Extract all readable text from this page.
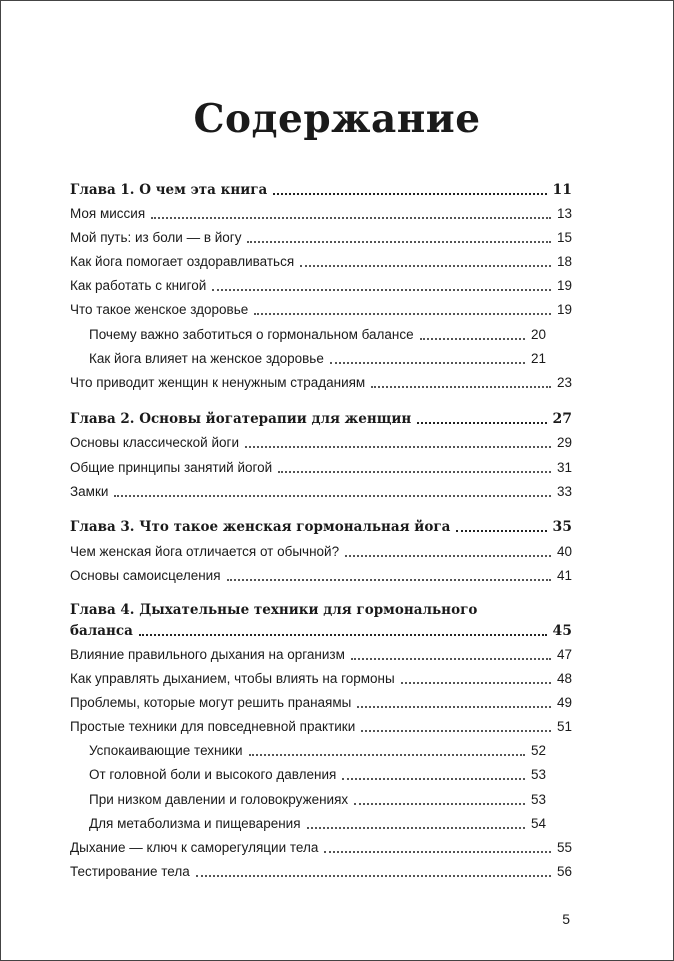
Содержание
Глава 1. О чем эта книга	11
Моя миссия	13
Мой путь: из боли — в йогу	15
Как йога помогает оздоравливаться	18
Как работать с книгой	19
Что такое женское здоровье	19
Почему важно заботиться о гормональном балансе	20
Как йога влияет на женское здоровье	21
Что приводит женщин к ненужным страданиям	23
Глава 2. Основы йогатерапии для женщин	27
Основы классической йоги	29
Общие принципы занятий йогой	31
Замки	33
Глава 3. Что такое женская гормональная йога	35
Чем женская йога отличается от обычной?	40
Основы самоисцеления	41
Глава 4. Дыхательные техники для гормонального
баланса	45
Влияние правильного дыхания на организм	47
Как управлять дыханием, чтобы влиять на гормоны	48
Проблемы, которые могут решить пранаямы	49
Простые техники для повседневной практики	51
Успокаивающие техники	52
От головной боли и высокого давления	53
При низком давлении и головокружениях	53
Для метаболизма и пищеварения	54
Дыхание — ключ к саморегуляции тела	55
Тестирование тела	56
5
